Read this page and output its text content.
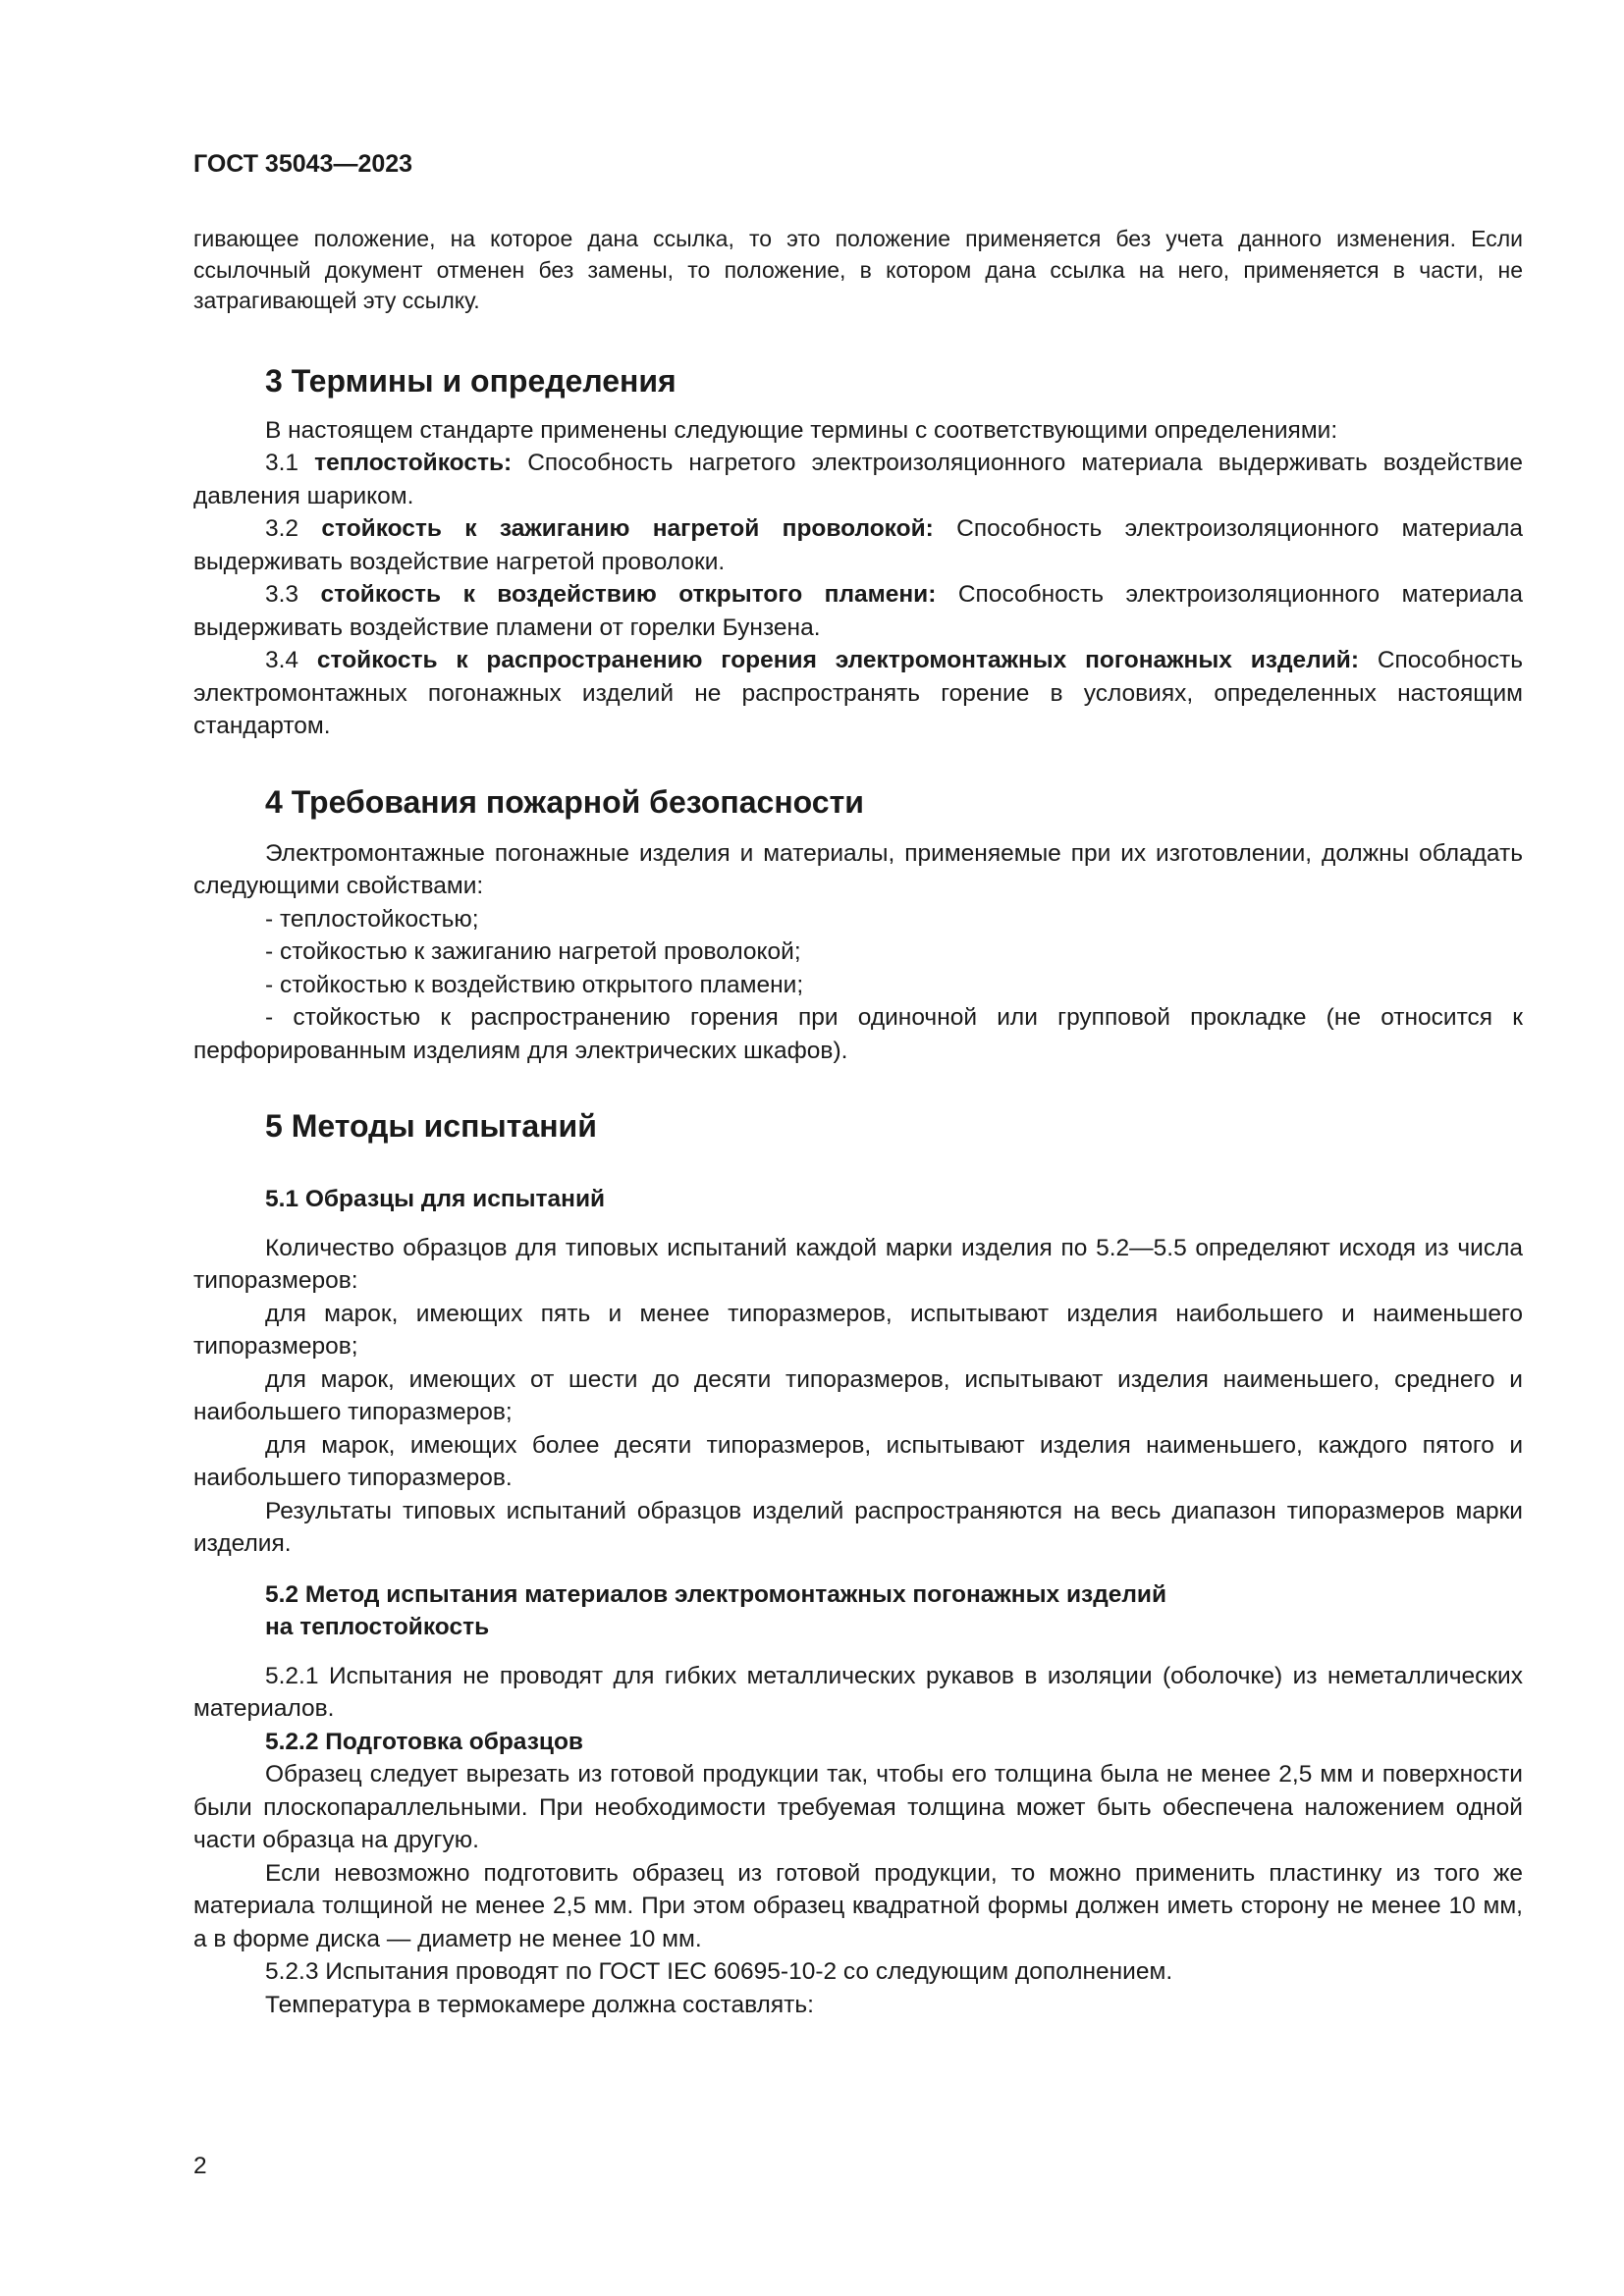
ГОСТ 35043—2023

гивающее положение, на которое дана ссылка, то это положение применяется без учета данного изменения. Если ссылочный документ отменен без замены, то положение, в котором дана ссылка на него, применяется в части, не затрагивающей эту ссылку.

3 Термины и определения

В настоящем стандарте применены следующие термины с соответствующими определениями:

3.1 теплостойкость: Способность нагретого электроизоляционного материала выдерживать воздействие давления шариком.

3.2 стойкость к зажиганию нагретой проволокой: Способность электроизоляционного материала выдерживать воздействие нагретой проволоки.

3.3 стойкость к воздействию открытого пламени: Способность электроизоляционного материала выдерживать воздействие пламени от горелки Бунзена.

3.4 стойкость к распространению горения электромонтажных погонажных изделий: Способность электромонтажных погонажных изделий не распространять горение в условиях, определенных настоящим стандартом.

4 Требования пожарной безопасности

Электромонтажные погонажные изделия и материалы, применяемые при их изготовлении, должны обладать следующими свойствами:

- теплостойкостью;

- стойкостью к зажиганию нагретой проволокой;

- стойкостью к воздействию открытого пламени;

- стойкостью к распространению горения при одиночной или групповой прокладке (не относится к перфорированным изделиям для электрических шкафов).

5 Методы испытаний
5.1 Образцы для испытаний

Количество образцов для типовых испытаний каждой марки изделия по 5.2—5.5 определяют исходя из числа типоразмеров:

для марок, имеющих пять и менее типоразмеров, испытывают изделия наибольшего и наименьшего типоразмеров;

для марок, имеющих от шести до десяти типоразмеров, испытывают изделия наименьшего, среднего и наибольшего типоразмеров;

для марок, имеющих более десяти типоразмеров, испытывают изделия наименьшего, каждого пятого и наибольшего типоразмеров.

Результаты типовых испытаний образцов изделий распространяются на весь диапазон типоразмеров марки изделия.

5.2 Метод испытания материалов электромонтажных погонажных изделий
на теплостойкость

5.2.1 Испытания не проводят для гибких металлических рукавов в изоляции (оболочке) из неметаллических материалов.

5.2.2 Подготовка образцов

Образец следует вырезать из готовой продукции так, чтобы его толщина была не менее 2,5 мм и поверхности были плоскопараллельными. При необходимости требуемая толщина может быть обеспечена наложением одной части образца на другую.

Если невозможно подготовить образец из готовой продукции, то можно применить пластинку из того же материала толщиной не менее 2,5 мм. При этом образец квадратной формы должен иметь сторону не менее 10 мм, а в форме диска — диаметр не менее 10 мм.

5.2.3 Испытания проводят по ГОСТ IEC 60695-10-2 со следующим дополнением.

Температура в термокамере должна составлять:

2
